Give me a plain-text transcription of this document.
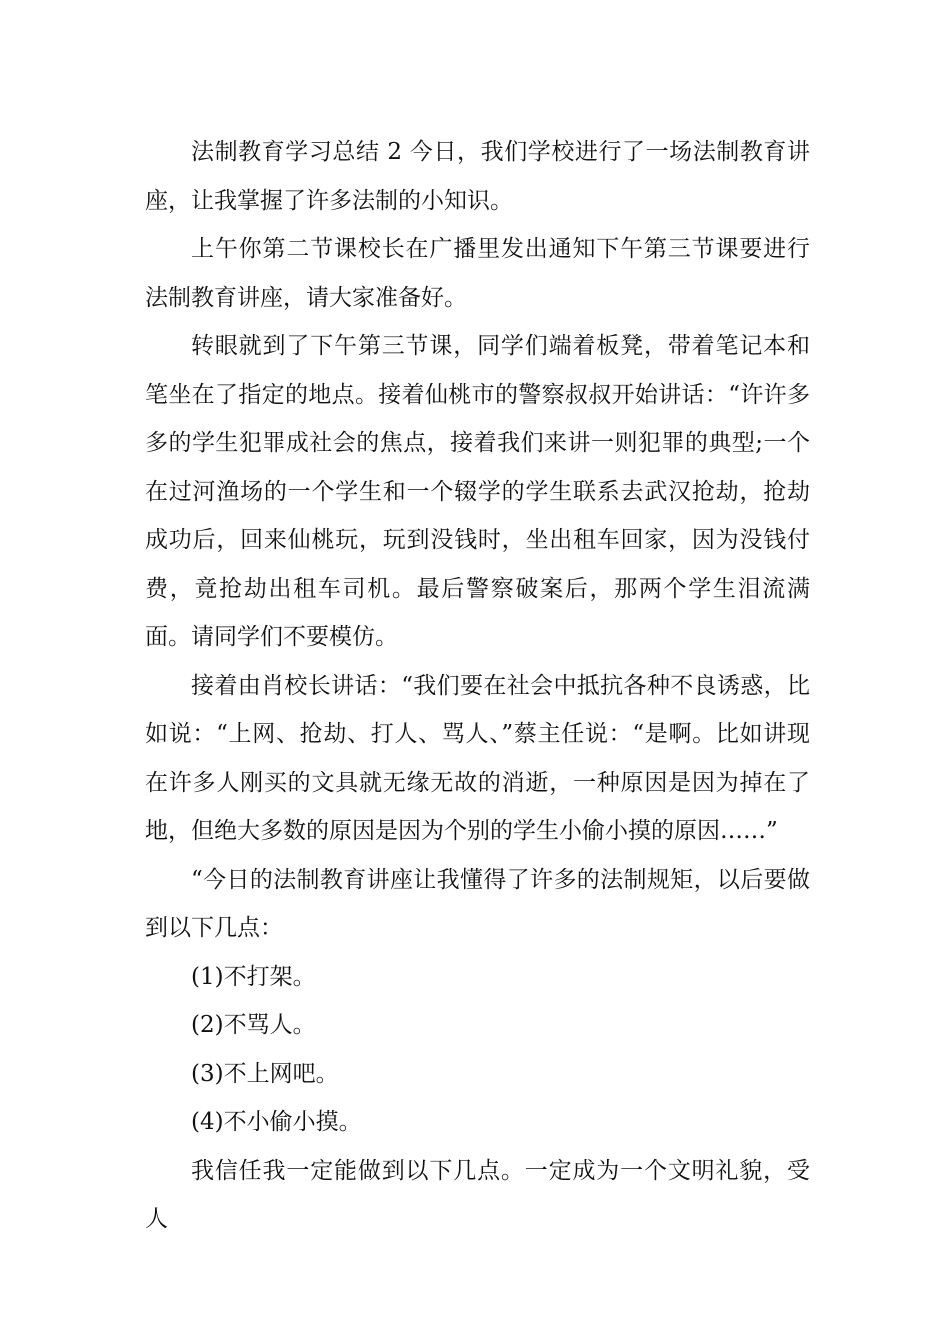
法制教育学习总结 2 今日，我们学校进行了一场法制教育讲座，让我掌握了许多法制的小知识。

上午你第二节课校长在广播里发出通知下午第三节课要进行法制教育讲座，请大家准备好。

转眼就到了下午第三节课，同学们端着板凳，带着笔记本和笔坐在了指定的地点。接着仙桃市的警察叔叔开始讲话：“许许多多的学生犯罪成社会的焦点，接着我们来讲一则犯罪的典型;一个在过河渔场的一个学生和一个辍学的学生联系去武汉抢劫，抢劫成功后，回来仙桃玩，玩到没钱时，坐出租车回家，因为没钱付费，竟抢劫出租车司机。最后警察破案后，那两个学生泪流满面。请同学们不要模仿。

接着由肖校长讲话：“我们要在社会中抵抗各种不良诱惑，比如说：“上网、抢劫、打人、骂人、”蔡主任说：“是啊。比如讲现在许多人刚买的文具就无缘无故的消逝，一种原因是因为掉在了地，但绝大多数的原因是因为个别的学生小偷小摸的原因……”

“今日的法制教育讲座让我懂得了许多的法制规矩，以后要做到以下几点：

(1)不打架。

(2)不骂人。

(3)不上网吧。

(4)不小偷小摸。

我信任我一定能做到以下几点。一定成为一个文明礼貌，受人
